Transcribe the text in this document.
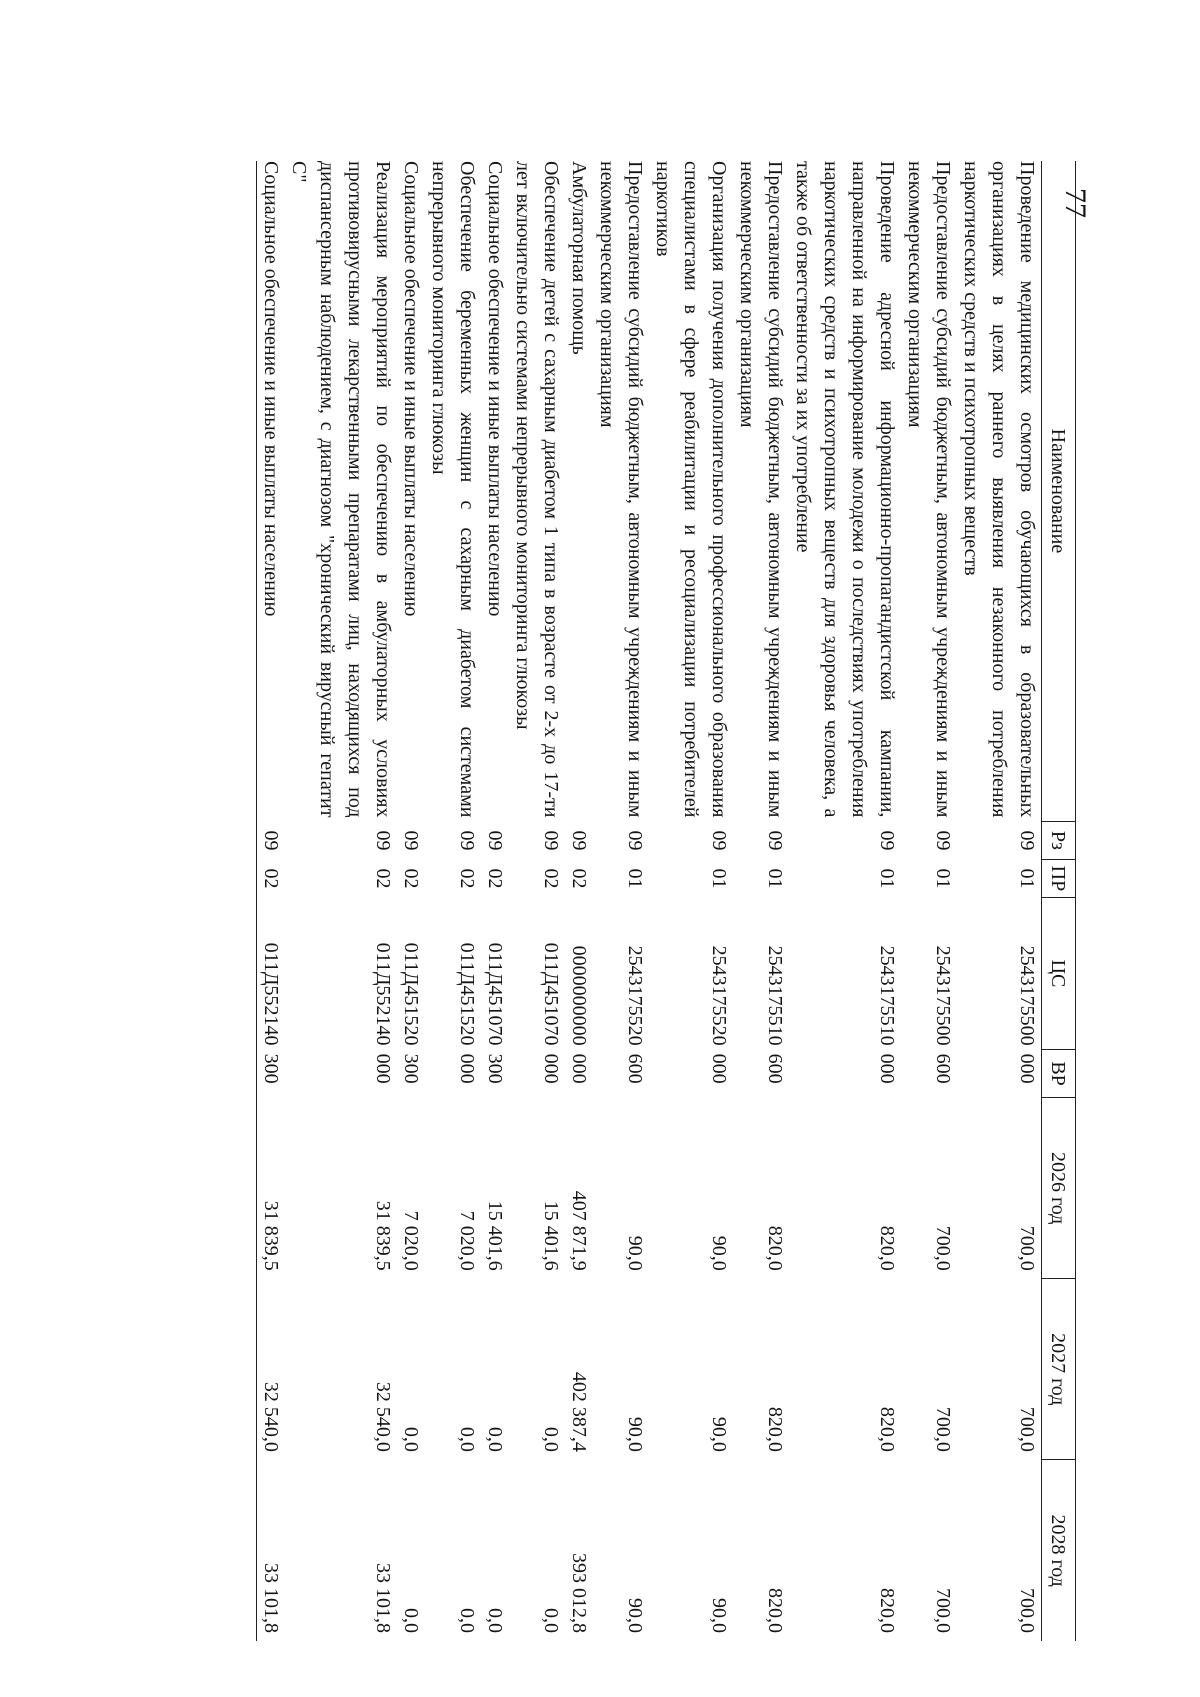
77
Наименование	Рз	ПР	ЦС	ВР	2026 год	2027 год	2028 год
Проведение медицинских осмотров обучающихся в образовательных организациях в целях раннего выявления незаконного потребления наркотических средств и психотропных веществ	09	01	2543175500	000	700,0	700,0	700,0
Предоставление субсидий бюджетным, автономным учреждениям и иным некоммерческим организациям	09	01	2543175500	600	700,0	700,0	700,0
Проведение адресной информационно-пропагандистской кампании, направленной на информирование молодежи о последствиях употребления наркотических средств и психотропных веществ для здоровья человека, а также об ответственности за их употребление	09	01	2543175510	000	820,0	820,0	820,0
Предоставление субсидий бюджетным, автономным учреждениям и иным некоммерческим организациям	09	01	2543175510	600	820,0	820,0	820,0
Организация получения дополнительного профессионального образования специалистами в сфере реабилитации и ресоциализации потребителей наркотиков	09	01	2543175520	000	90,0	90,0	90,0
Предоставление субсидий бюджетным, автономным учреждениям и иным некоммерческим организациям	09	01	2543175520	600	90,0	90,0	90,0
Амбулаторная помощь	09	02	0000000000	000	407 871,9	402 387,4	393 012,8
Обеспечение детей с сахарным диабетом 1 типа в возрасте от 2-х до 17-ти лет включительно системами непрерывного мониторинга глюкозы	09	02	011Д451070	000	15 401,6	0,0	0,0
Социальное обеспечение и иные выплаты населению	09	02	011Д451070	300	15 401,6	0,0	0,0
Обеспечение беременных женщин с сахарным диабетом системами непрерывного мониторинга глюкозы	09	02	011Д451520	000	7 020,0	0,0	0,0
Социальное обеспечение и иные выплаты населению	09	02	011Д451520	300	7 020,0	0,0	0,0
Реализация мероприятий по обеспечению в амбулаторных условиях противовирусными лекарственными препаратами лиц, находящихся под диспансерным наблюдением, с диагнозом "хронический вирусный гепатит С"	09	02	011Д552140	000	31 839,5	32 540,0	33 101,8
Социальное обеспечение и иные выплаты населению	09	02	011Д552140	300	31 839,5	32 540,0	33 101,8
